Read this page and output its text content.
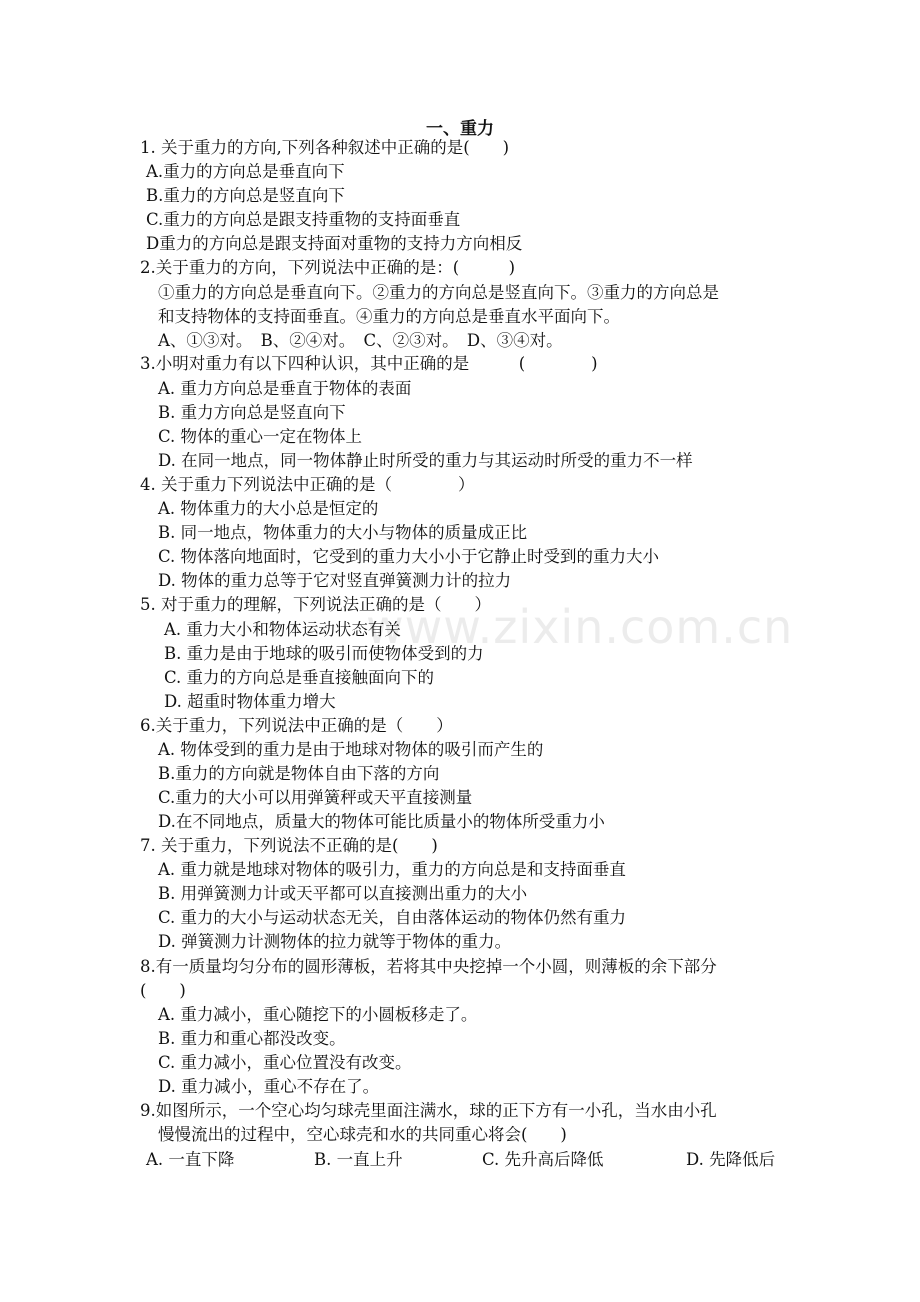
www.zixin.com.cn
一、重力
1. 关于重力的方向,下列各种叙述中正确的是(　　)
A.重力的方向总是垂直向下
B.重力的方向总是竖直向下
C.重力的方向总是跟支持重物的支持面垂直
D重力的方向总是跟支持面对重物的支持力方向相反
2.关于重力的方向，下列说法中正确的是：(　　　)
①重力的方向总是垂直向下。②重力的方向总是竖直向下。③重力的方向总是
和支持物体的支持面垂直。④重力的方向总是垂直水平面向下。
A、①③对。　B、②④对。　C、②③对。　D、③④对。
3.小明对重力有以下四种认识，其中正确的是　　　(　　　　)
A. 重力方向总是垂直于物体的表面
B. 重力方向总是竖直向下
C. 物体的重心一定在物体上
D. 在同一地点，同一物体静止时所受的重力与其运动时所受的重力不一样
4. 关于重力下列说法中正确的是（　　　　）
A. 物体重力的大小总是恒定的
B. 同一地点，物体重力的大小与物体的质量成正比
C. 物体落向地面时，它受到的重力大小小于它静止时受到的重力大小
D. 物体的重力总等于它对竖直弹簧测力计的拉力
5. 对于重力的理解，下列说法正确的是（　　）
A. 重力大小和物体运动状态有关
B. 重力是由于地球的吸引而使物体受到的力
C. 重力的方向总是垂直接触面向下的
D. 超重时物体重力增大
6.关于重力，下列说法中正确的是（　　）
A. 物体受到的重力是由于地球对物体的吸引而产生的
B.重力的方向就是物体自由下落的方向
C.重力的大小可以用弹簧秤或天平直接测量
D.在不同地点，质量大的物体可能比质量小的物体所受重力小
7. 关于重力，下列说法不正确的是(　　)
A. 重力就是地球对物体的吸引力，重力的方向总是和支持面垂直
B. 用弹簧测力计或天平都可以直接测出重力的大小
C. 重力的大小与运动状态无关，自由落体运动的物体仍然有重力
D. 弹簧测力计测物体的拉力就等于物体的重力。
8.有一质量均匀分布的圆形薄板，若将其中央挖掉一个小圆，则薄板的余下部分
(　　)
A. 重力减小，重心随挖下的小圆板移走了。
B. 重力和重心都没改变。
C. 重力减小，重心位置没有改变。
D. 重力减小，重心不存在了。
9.如图所示，一个空心均匀球壳里面注满水，球的正下方有一小孔，当水由小孔
慢慢流出的过程中，空心球壳和水的共同重心将会(　　)
A. 一直下降	B. 一直上升	C. 先升高后降低	D. 先降低后
